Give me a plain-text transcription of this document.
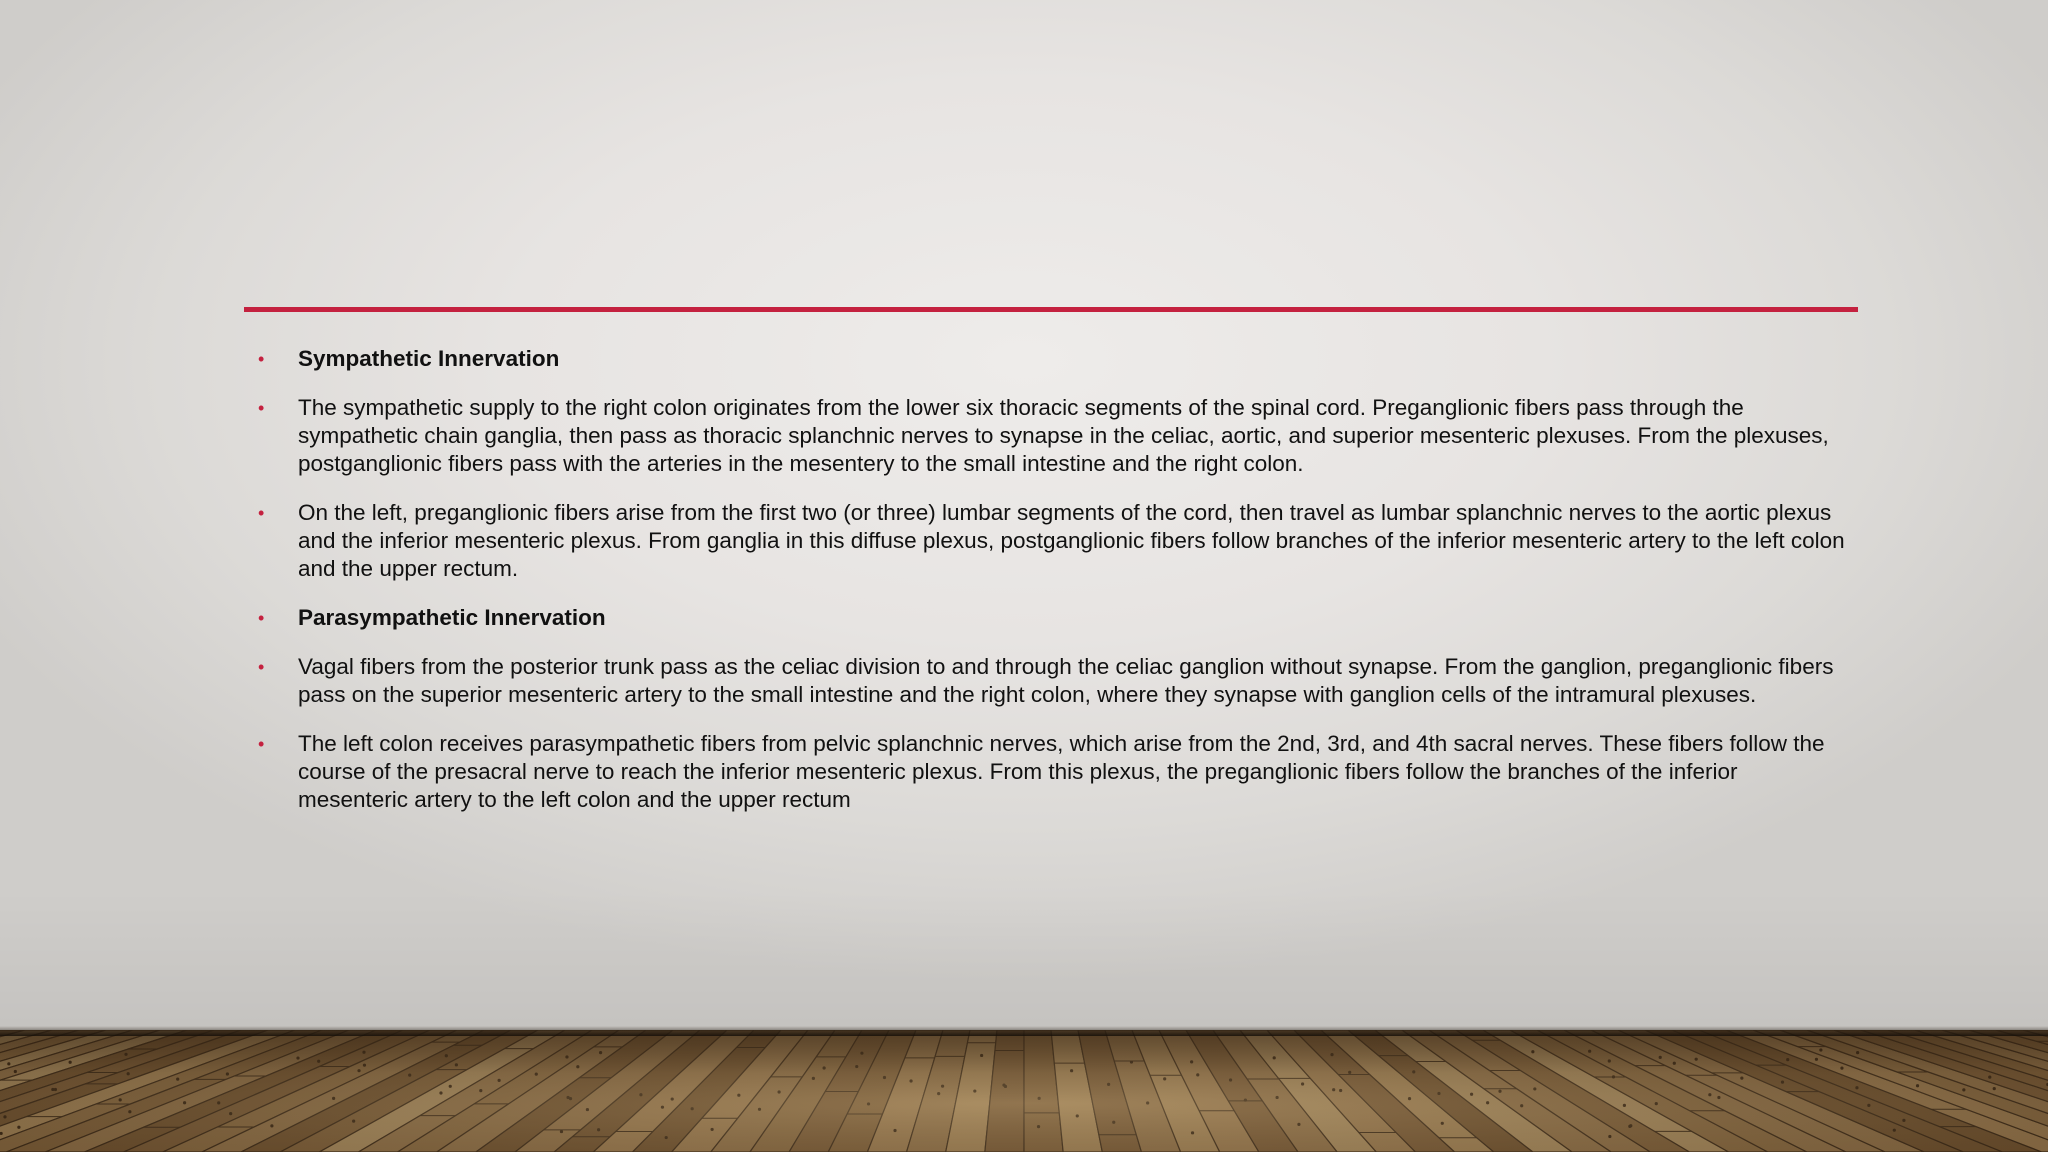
•	Sympathetic Innervation
•	The sympathetic supply to the right colon originates from the lower six thoracic segments of the spinal cord. Preganglionic fibers pass through the sympathetic chain ganglia, then pass as thoracic splanchnic nerves to synapse in the celiac, aortic, and superior mesenteric plexuses. From the plexuses, postganglionic fibers pass with the arteries in the mesentery to the small intestine and the right colon.
•	On the left, preganglionic fibers arise from the first two (or three) lumbar segments of the cord, then travel as lumbar splanchnic nerves to the aortic plexus and the inferior mesenteric plexus. From ganglia in this diffuse plexus, postganglionic fibers follow branches of the inferior mesenteric artery to the left colon and the upper rectum.
•	Parasympathetic Innervation
•	Vagal fibers from the posterior trunk pass as the celiac division to and through the celiac ganglion without synapse. From the ganglion, preganglionic fibers pass on the superior mesenteric artery to the small intestine and the right colon, where they synapse with ganglion cells of the intramural plexuses.
•	The left colon receives parasympathetic fibers from pelvic splanchnic nerves, which arise from the 2nd, 3rd, and 4th sacral nerves. These fibers follow the course of the presacral nerve to reach the inferior mesenteric plexus. From this plexus, the preganglionic fibers follow the branches of the inferior mesenteric artery to the left colon and the upper rectum
